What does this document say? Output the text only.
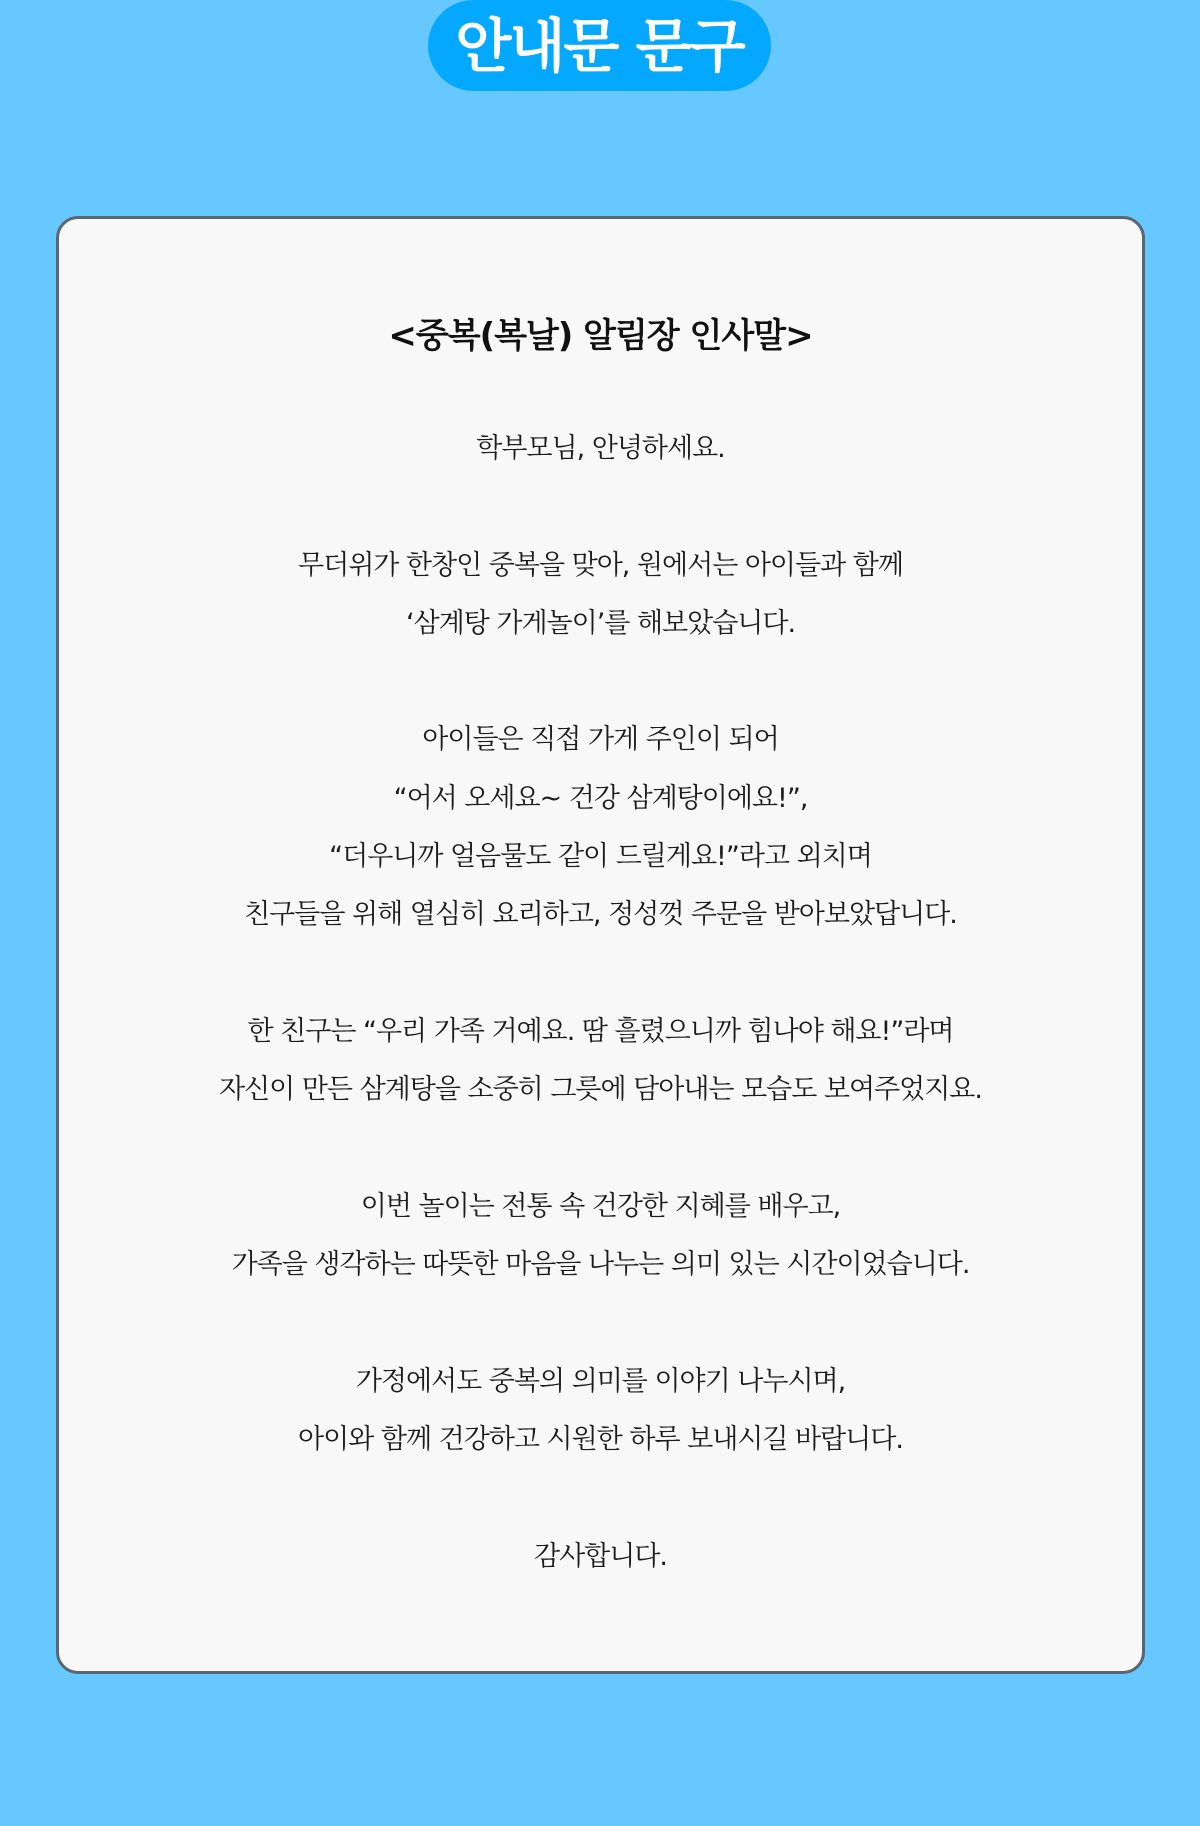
안내문 문구
<중복(복날) 알림장 인사말>
학부모님, 안녕하세요.
무더위가 한창인 중복을 맞아, 원에서는 아이들과 함께
‘삼계탕 가게놀이’를 해보았습니다.
아이들은 직접 가게 주인이 되어
“어서 오세요~ 건강 삼계탕이에요!”,
“더우니까 얼음물도 같이 드릴게요!”라고 외치며
친구들을 위해 열심히 요리하고, 정성껏 주문을 받아보았답니다.
한 친구는 “우리 가족 거예요. 땀 흘렸으니까 힘나야 해요!”라며
자신이 만든 삼계탕을 소중히 그릇에 담아내는 모습도 보여주었지요.
이번 놀이는 전통 속 건강한 지혜를 배우고,
가족을 생각하는 따뜻한 마음을 나누는 의미 있는 시간이었습니다.
가정에서도 중복의 의미를 이야기 나누시며,
아이와 함께 건강하고 시원한 하루 보내시길 바랍니다.
감사합니다.
